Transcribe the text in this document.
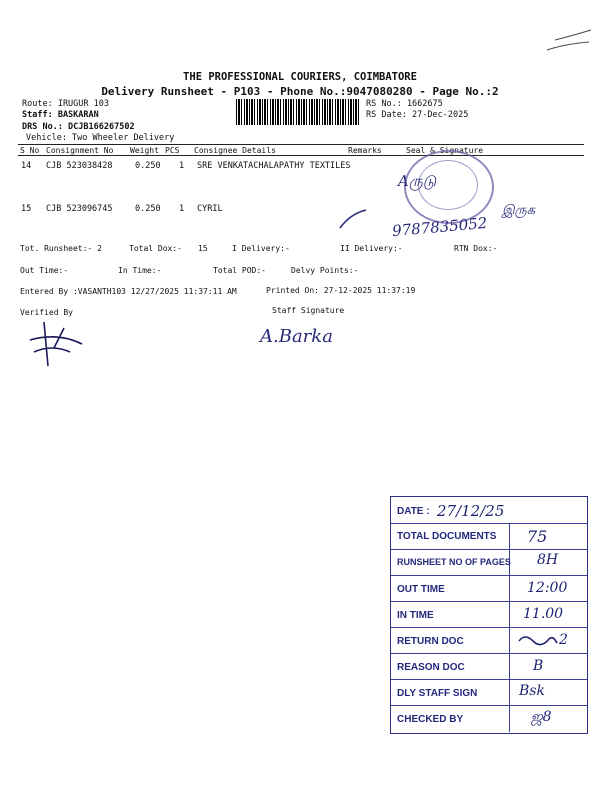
THE PROFESSIONAL COURIERS, COIMBATORE
Delivery Runsheet - P103 - Phone No.:9047080280 - Page No.:2
Route: IRUGUR 103
Staff: BASKARAN
DRS No.: DCJB166267502
Vehicle: Two Wheeler Delivery
RS No.: 1662675
RS Date: 27-Dec-2025
S No Consignment No Weight PCS Consignee Details	Remarks	Seal & Signature
14 CJB 523038428	0.250 1 SRE VENKATACHALAPATHY TEXTILES
15 CJB 523096745	0.250 1 CYRIL
Aருடு
9787835052
இருக
Tot. Runsheet:- 2	Total Dox:- 15	I Delivery:-	II Delivery:-	RTN Dox:-
Out Time:-	In Time:-	Total POD:-	Delvy Points:-
Entered By :VASANTH103 12/27/2025 11:37:11 AM	Printed On: 27-12-2025 11:37:19
Verified By	Staff Signature
A.Barka
DATE : 27/12/25
TOTAL DOCUMENTS 75
RUNSHEET NO OF PAGES 8H
OUT TIME	12:00
IN TIME	11.00
RETURN DOC	2
REASON DOC	B
DLY STAFF SIGN	Bsk
CHECKED BY	ஜ8
